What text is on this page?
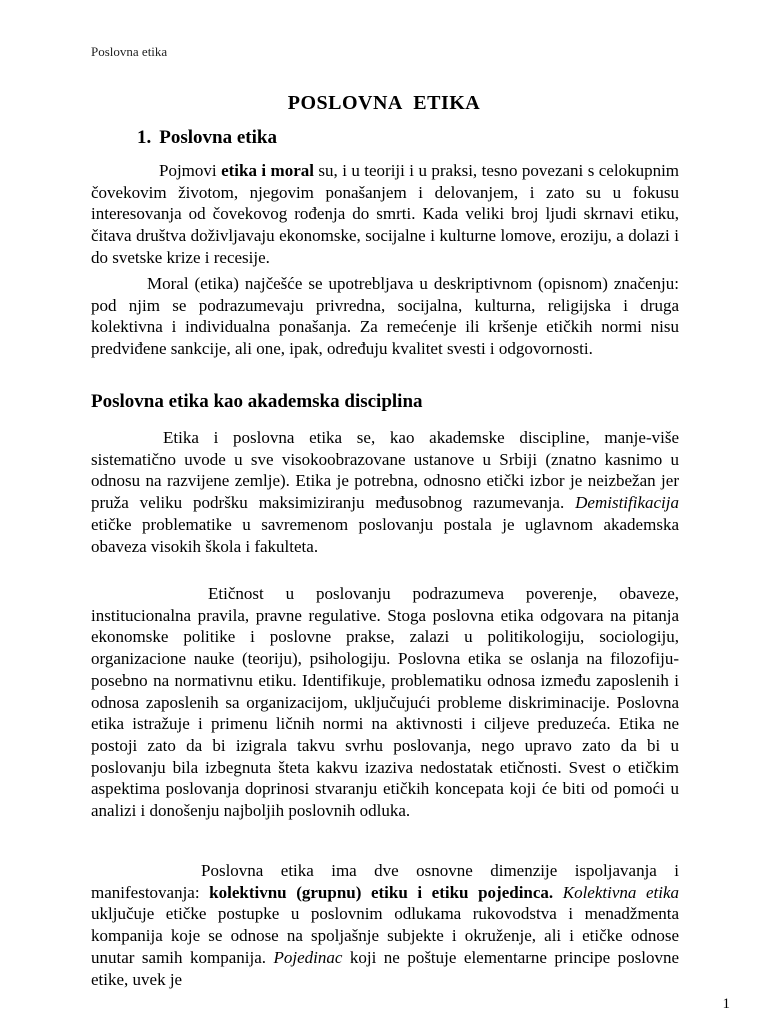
Poslovna etika
POSLOVNA ETIKA
1. Poslovna etika

Pojmovi etika i moral su, i u teoriji i u praksi, tesno povezani s celokupnim čovekovim životom, njegovim ponašanjem i delovanjem, i zato su u fokusu interesovanja od čovekovog rođenja do smrti. Kada veliki broj ljudi skrnavi etiku, čitava društva doživljavaju ekonomske, socijalne i kulturne lomove, eroziju, a dolazi i do svetske krize i recesije.

Moral (etika) najčešće se upotrebljava u deskriptivnom (opisnom) značenju: pod njim se podrazumevaju privredna, socijalna, kulturna, religijska i druga kolektivna i individualna ponašanja. Za remećenje ili kršenje etičkih normi nisu predviđene sankcije, ali one, ipak, određuju kvalitet svesti i odgovornosti.

Poslovna etika kao akademska disciplina

Etika i poslovna etika se, kao akademske discipline, manje-više sistematično uvode u sve visokoobrazovane ustanove u Srbiji (znatno kasnimo u odnosu na razvijene zemlje). Etika je potrebna, odnosno etički izbor je neizbežan jer pruža veliku podršku maksimiziranju međusobnog razumevanja. Demistifikacija etičke problematike u savremenom poslovanju postala je uglavnom akademska obaveza visokih škola i fakulteta.

Etičnost u poslovanju podrazumeva poverenje, obaveze, institucionalna pravila, pravne regulative. Stoga poslovna etika odgovara na pitanja ekonomske politike i poslovne prakse, zalazi u politikologiju, sociologiju, organizacione nauke (teoriju), psihologiju. Poslovna etika se oslanja na filozofiju- posebno na normativnu etiku. Identifikuje, problematiku odnosa između zaposlenih i odnosa zaposlenih sa organizacijom, uključujući probleme diskriminacije. Poslovna etika istražuje i primenu ličnih normi na aktivnosti i ciljeve preduzeća. Etika ne postoji zato da bi izigrala takvu svrhu poslovanja, nego upravo zato da bi u poslovanju bila izbegnuta šteta kakvu izaziva nedostatak etičnosti. Svest o etičkim aspektima poslovanja doprinosi stvaranju etičkih koncepata koji će biti od pomoći u analizi i donošenju najboljih poslovnih odluka.

Poslovna etika ima dve osnovne dimenzije ispoljavanja i manifestovanja: kolektivnu (grupnu) etiku i etiku pojedinca. Kolektivna etika uključuje etičke postupke u poslovnim odlukama rukovodstva i menadžmenta kompanija koje se odnose na spoljašnje subjekte i okruženje, ali i etičke odnose unutar samih kompanija. Pojedinac koji ne poštuje elementarne principe poslovne etike, uvek je

1
